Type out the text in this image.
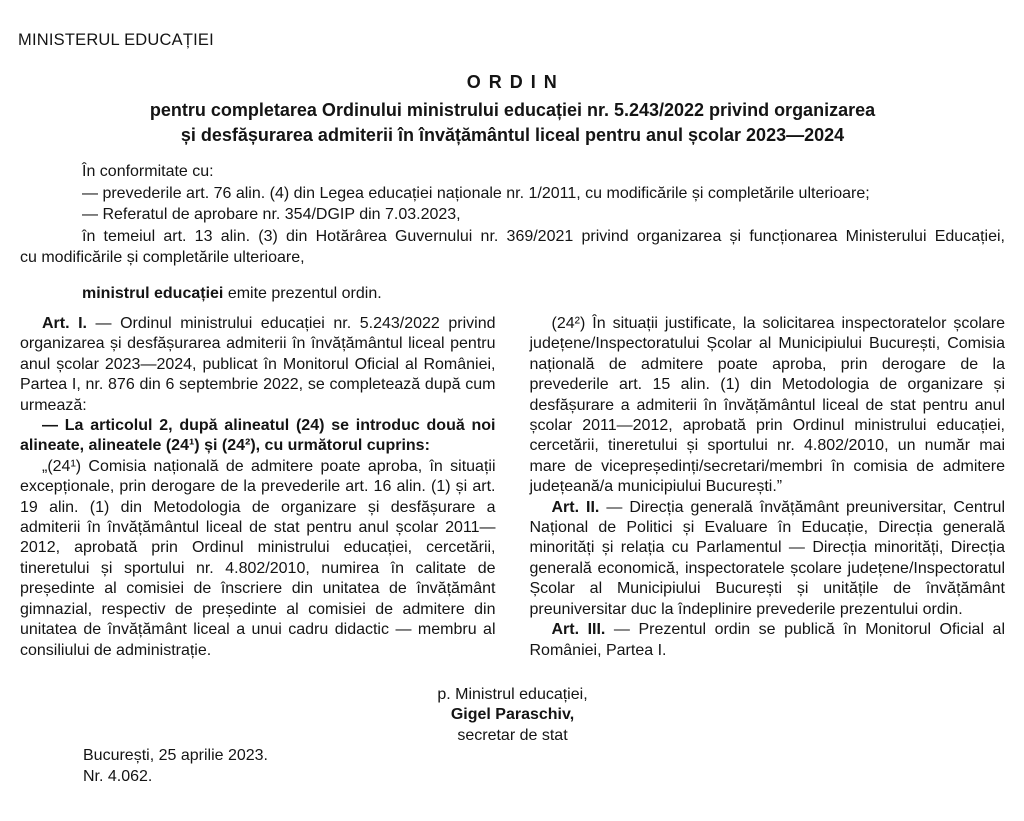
MINISTERUL EDUCAȚIEI
O R D I N
pentru completarea Ordinului ministrului educației nr. 5.243/2022 privind organizarea
și desfășurarea admiterii în învățământul liceal pentru anul școlar 2023—2024

În conformitate cu:

— prevederile art. 76 alin. (4) din Legea educației naționale nr. 1/2011, cu modificările și completările ulterioare;

— Referatul de aprobare nr. 354/DGIP din 7.03.2023,

în temeiul art. 13 alin. (3) din Hotărârea Guvernului nr. 369/2021 privind organizarea și funcționarea Ministerului Educației,

cu modificările și completările ulterioare,

ministrul educației emite prezentul ordin.

Art. I. — Ordinul ministrului educației nr. 5.243/2022 privind organizarea și desfășurarea admiterii în învățământul liceal pentru anul școlar 2023—2024, publicat în Monitorul Oficial al României, Partea I, nr. 876 din 6 septembrie 2022, se completează după cum urmează:

— La articolul 2, după alineatul (24) se introduc două noi alineate, alineatele (24¹) și (24²), cu următorul cuprins:

„(24¹) Comisia națională de admitere poate aproba, în situații excepționale, prin derogare de la prevederile art. 16 alin. (1) și art. 19 alin. (1) din Metodologia de organizare și desfășurare a admiterii în învățământul liceal de stat pentru anul școlar 2011—2012, aprobată prin Ordinul ministrului educației, cercetării, tineretului și sportului nr. 4.802/2010, numirea în calitate de președinte al comisiei de înscriere din unitatea de învățământ gimnazial, respectiv de președinte al comisiei de admitere din unitatea de învățământ liceal a unui cadru didactic — membru al consiliului de administrație.

(24²) În situații justificate, la solicitarea inspectoratelor școlare județene/Inspectoratului Școlar al Municipiului București, Comisia națională de admitere poate aproba, prin derogare de la prevederile art. 15 alin. (1) din Metodologia de organizare și desfășurare a admiterii în învățământul liceal de stat pentru anul școlar 2011—2012, aprobată prin Ordinul ministrului educației, cercetării, tineretului și sportului nr. 4.802/2010, un număr mai mare de vicepreședinți/secretari/membri în comisia de admitere județeană/a municipiului București.”

Art. II. — Direcția generală învățământ preuniversitar, Centrul Național de Politici și Evaluare în Educație, Direcția generală minorități și relația cu Parlamentul — Direcția minorități, Direcția generală economică, inspectoratele școlare județene/Inspectoratul Școlar al Municipiului București și unitățile de învățământ preuniversitar duc la îndeplinire prevederile prezentului ordin.

Art. III. — Prezentul ordin se publică în Monitorul Oficial al României, Partea I.

p. Ministrul educației,
Gigel Paraschiv,
secretar de stat
București, 25 aprilie 2023.
Nr. 4.062.
